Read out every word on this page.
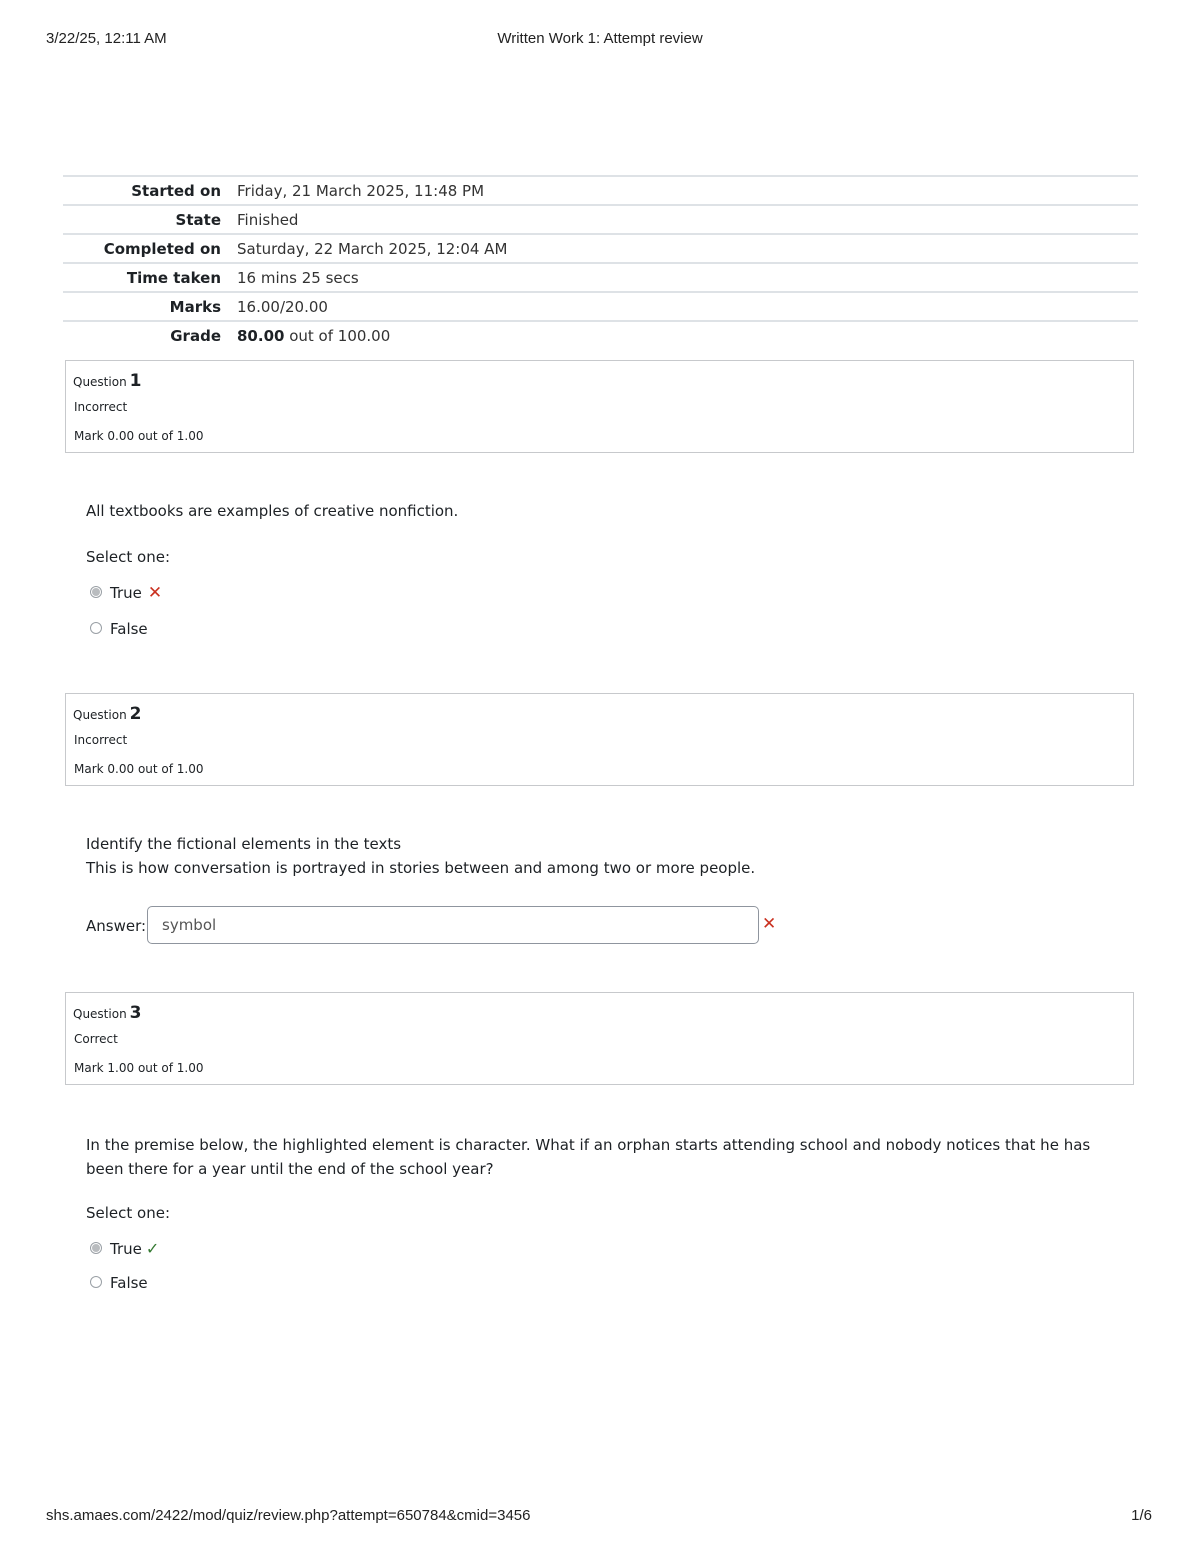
3/22/25, 12:11 AM	Written Work 1: Attempt review
Started on	Friday, 21 March 2025, 11:48 PM
State	Finished
Completed on	Saturday, 22 March 2025, 12:04 AM
Time taken	16 mins 25 secs
Marks	16.00/20.00
Grade	80.00 out of 100.00
Question 1
Incorrect
Mark 0.00 out of 1.00
All textbooks are examples of creative nonfiction.
Select one:
True ✕
False
Question 2
Incorrect
Mark 0.00 out of 1.00
Identify the fictional elements in the texts
This is how conversation is portrayed in stories between and among two or more people.
Answer:	symbol	✕
Question 3
Correct
Mark 1.00 out of 1.00
In the premise below, the highlighted element is character. What if an orphan starts attending school and nobody notices that he has been there for a year until the end of the school year?
Select one:
True ✓
False
shs.amaes.com/2422/mod/quiz/review.php?attempt=650784&cmid=3456	1/6
